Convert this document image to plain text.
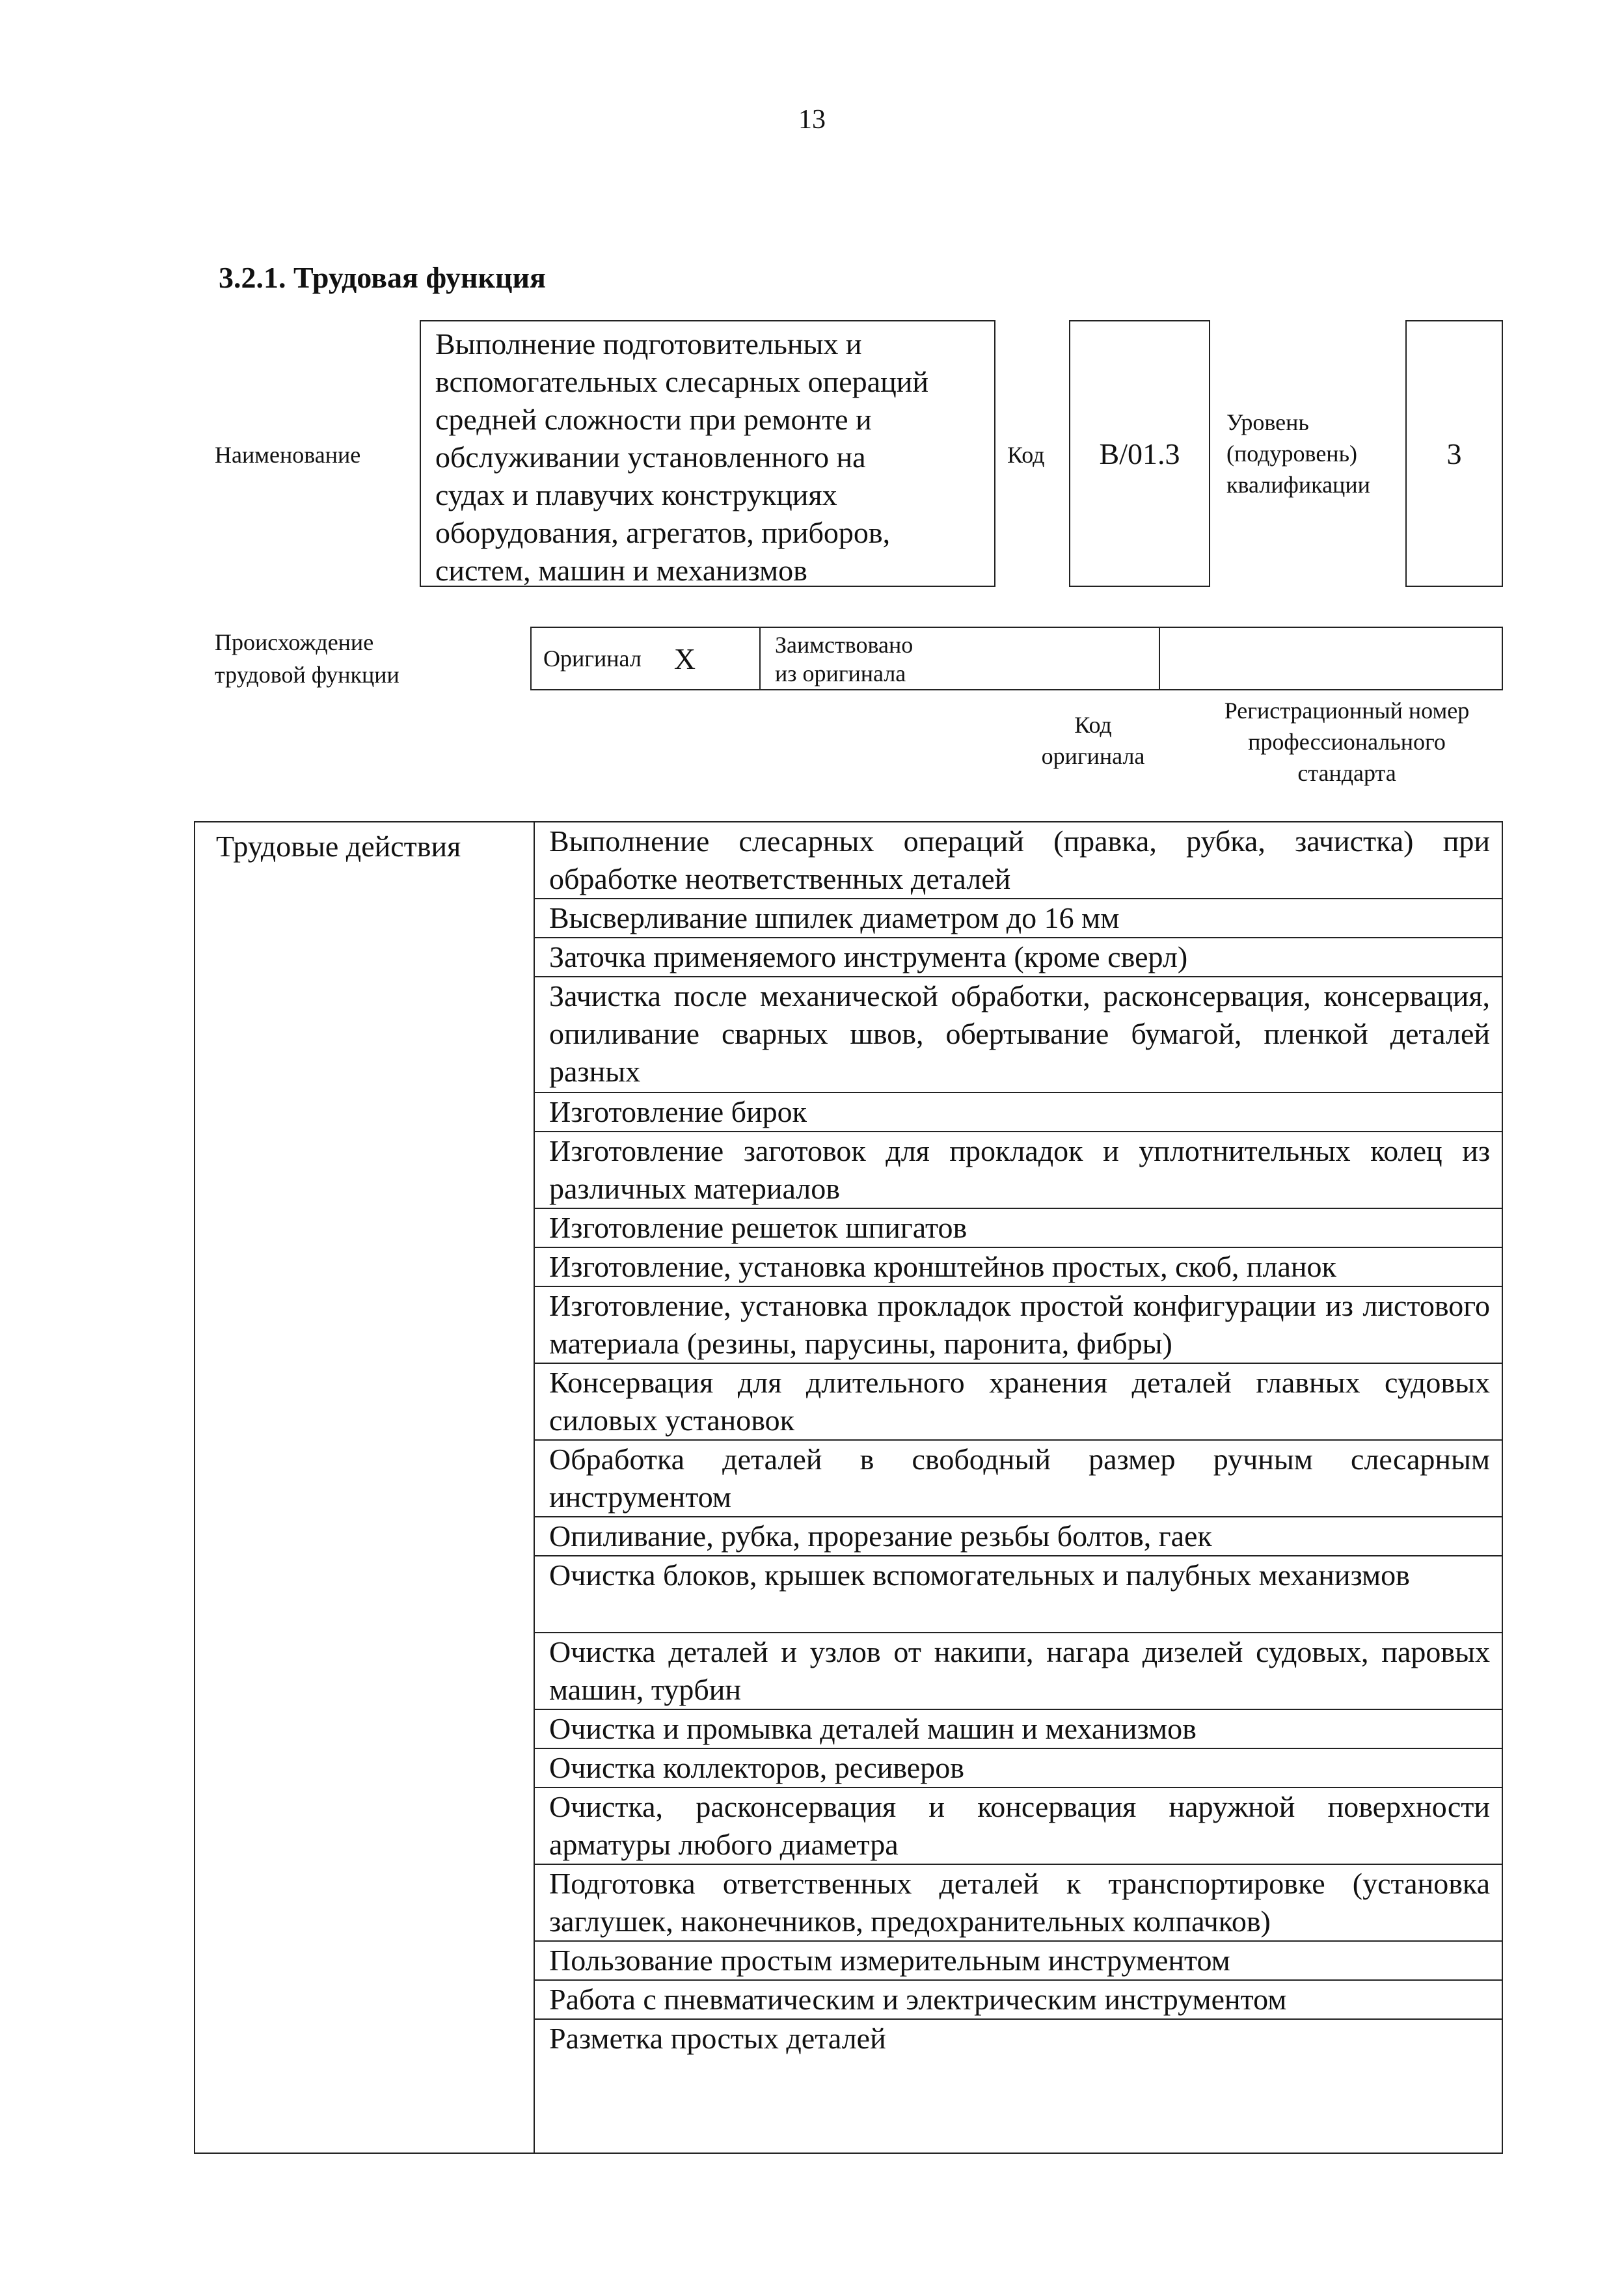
13
3.2.1. Трудовая функция
Наименование
Выполнение подготовительных и
вспомогательных слесарных операций
средней сложности при ремонте и
обслуживании установленного на
судах и плавучих конструкциях
оборудования, агрегатов, приборов,
систем, машин и механизмов
Код B/01.3
Уровень
(подуровень)
квалификации
3
Происхождение
трудовой функции
Оригинал X	Заимствовано
из оригинала
Код
оригинала
Регистрационный номер
профессионального
стандарта
Трудовые действия	Выполнение слесарных операций (правка, рубка, зачистка) при обработке неответственных деталей
Высверливание шпилек диаметром до 16 мм
Заточка применяемого инструмента (кроме сверл)
Зачистка после механической обработки, расконсервация, консервация, опиливание сварных швов, обертывание бумагой, пленкой деталей разных
Изготовление бирок
Изготовление заготовок для прокладок и уплотнительных колец из различных материалов
Изготовление решеток шпигатов
Изготовление, установка кронштейнов простых, скоб, планок
Изготовление, установка прокладок простой конфигурации из листового материала (резины, парусины, паронита, фибры)
Консервация для длительного хранения деталей главных судовых силовых установок
Обработка деталей в свободный размер ручным слесарным инструментом
Опиливание, рубка, прорезание резьбы болтов, гаек
Очистка блоков, крышек вспомогательных и палубных механизмов
Очистка деталей и узлов от накипи, нагара дизелей судовых, паровых машин, турбин
Очистка и промывка деталей машин и механизмов
Очистка коллекторов, ресиверов
Очистка, расконсервация и консервация наружной поверхности арматуры любого диаметра
Подготовка ответственных деталей к транспортировке (установка заглушек, наконечников, предохранительных колпачков)
Пользование простым измерительным инструментом
Работа с пневматическим и электрическим инструментом
Разметка простых деталей
